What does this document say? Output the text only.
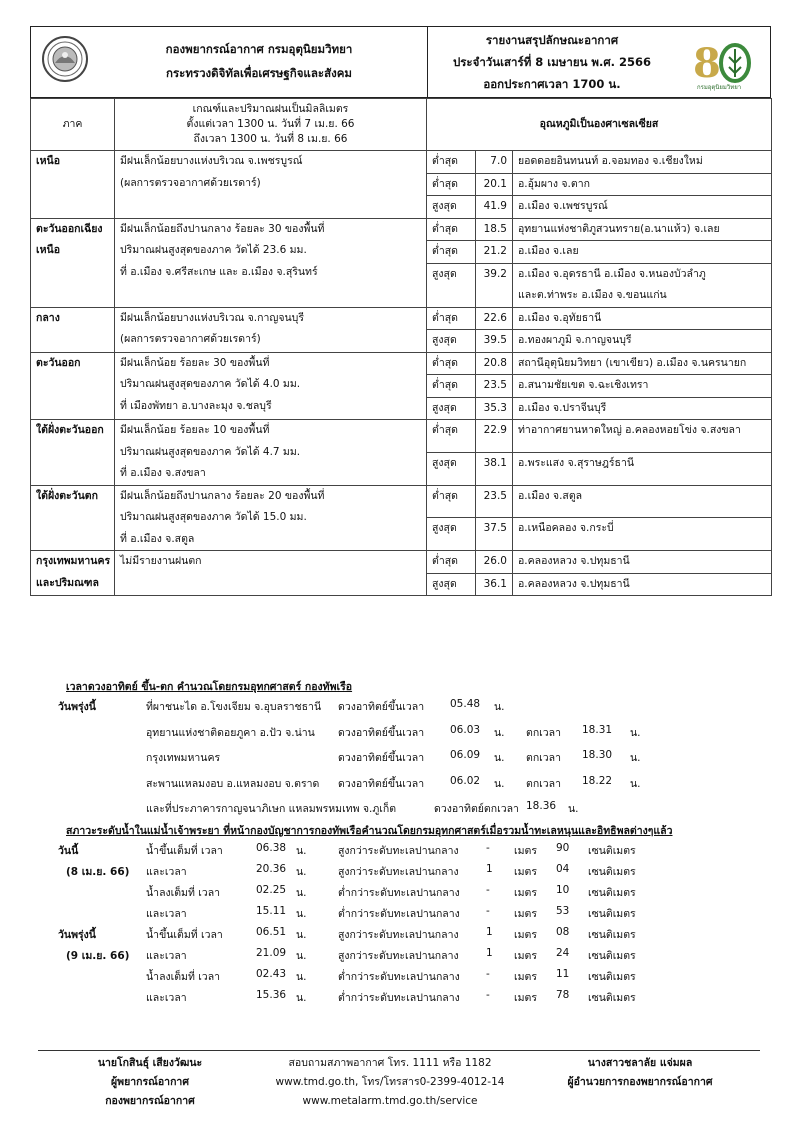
กองพยากรณ์อากาศ กรมอุตุนิยมวิทยา
กระทรวงดิจิทัลเพื่อเศรษฐกิจและสังคม
รายงานสรุปลักษณะอากาศ
ประจำวันเสาร์ที่ 8 เมษายน พ.ศ. 2566
ออกประกาศเวลา 1700 น.	8
กรมอุตุนิยมวิทยา
ภาค	เกณฑ์และปริมาณฝนเป็นมิลลิเมตร
ตั้งแต่เวลา 1300 น. วันที่ 7 เม.ย. 66
ถึงเวลา 1300 น. วันที่ 8 เม.ย. 66	อุณหภูมิเป็นองศาเซลเซียส		

เหนือ	มีฝนเล็กน้อยบางแห่งบริเวณ จ.เพชรบูรณ์
(ผลการตรวจอากาศด้วยเรดาร์)	ต่ำสุด	7.0	ยอดดอยอินทนนท์ อ.จอมทอง จ.เชียงใหม่

		ต่ำสุด	20.1	อ.อุ้มผาง จ.ตาก

		สูงสุด	41.9	อ.เมือง จ.เพชรบูรณ์

ตะวันออกเฉียงเหนือ	มีฝนเล็กน้อยถึงปานกลาง ร้อยละ 30 ของพื้นที่
ปริมาณฝนสูงสุดของภาค วัดได้ 23.6 มม.
ที่ อ.เมือง จ.ศรีสะเกษ และ อ.เมือง จ.สุรินทร์	ต่ำสุด	18.5	อุทยานแห่งชาติภูสวนทราย(อ.นาแห้ว) จ.เลย

		ต่ำสุด	21.2	อ.เมือง จ.เลย

		สูงสุด	39.2	อ.เมือง จ.อุดรธานี อ.เมือง จ.หนองบัวลำภู
และต.ท่าพระ อ.เมือง จ.ขอนแก่น

กลาง	มีฝนเล็กน้อยบางแห่งบริเวณ จ.กาญจนบุรี
(ผลการตรวจอากาศด้วยเรดาร์)	ต่ำสุด	22.6	อ.เมือง จ.อุทัยธานี

		สูงสุด	39.5	อ.ทองผาภูมิ จ.กาญจนบุรี

ตะวันออก	มีฝนเล็กน้อย ร้อยละ 30 ของพื้นที่
ปริมาณฝนสูงสุดของภาค วัดได้ 4.0 มม.
ที่ เมืองพัทยา อ.บางละมุง จ.ชลบุรี	ต่ำสุด	20.8	สถานีอุตุนิยมวิทยา (เขาเขียว) อ.เมือง จ.นครนายก

		ต่ำสุด	23.5	อ.สนามชัยเขต จ.ฉะเชิงเทรา

		สูงสุด	35.3	อ.เมือง จ.ปราจีนบุรี

ใต้ฝั่งตะวันออก	มีฝนเล็กน้อย ร้อยละ 10 ของพื้นที่
ปริมาณฝนสูงสุดของภาค วัดได้ 4.7 มม.
ที่ อ.เมือง จ.สงขลา	ต่ำสุด	22.9	ท่าอากาศยานหาดใหญ่ อ.คลองหอยโข่ง จ.สงขลา

		สูงสุด	38.1	อ.พระแสง จ.สุราษฎร์ธานี

ใต้ฝั่งตะวันตก	มีฝนเล็กน้อยถึงปานกลาง ร้อยละ 20 ของพื้นที่
ปริมาณฝนสูงสุดของภาค วัดได้ 15.0 มม.
ที่ อ.เมือง จ.สตูล	ต่ำสุด	23.5	อ.เมือง จ.สตูล

		สูงสุด	37.5	อ.เหนือคลอง จ.กระบี่

กรุงเทพมหานคร
และปริมณฑล	ไม่มีรายงานฝนตก	ต่ำสุด	26.0	อ.คลองหลวง จ.ปทุมธานี

		สูงสุด	36.1	อ.คลองหลวง จ.ปทุมธานี
เวลาดวงอาทิตย์ ขึ้น-ตก คำนวณโดยกรมอุทกศาสตร์ กองทัพเรือ
วันพรุ่งนี้	ที่ผาชนะได อ.โขงเจียม จ.อุบลราชธานี ดวงอาทิตย์ขึ้นเวลา 05.48 น.
อุทยานแห่งชาติดอยภูคา อ.ปัว จ.น่าน ดวงอาทิตย์ขึ้นเวลา 06.03 น. ตกเวลา 18.31 น.
กรุงเทพมหานคร	ดวงอาทิตย์ขึ้นเวลา 06.09 น. ตกเวลา 18.30 น.
สะพานแหลมงอบ อ.แหลมงอบ จ.ตราด ดวงอาทิตย์ขึ้นเวลา 06.02 น. ตกเวลา 18.22 น.
และที่ประภาคารกาญจนาภิเษก แหลมพรหมเทพ จ.ภูเก็ต	ดวงอาทิตย์ตกเวลา 18.36 น.
สภาวะระดับน้ำในแม่น้ำเจ้าพระยา ที่หน้ากองบัญชาการกองทัพเรือคำนวณโดยกรมอุทกศาสตร์เมื่อรวมน้ำทะเลหนุนและอิทธิพลต่างๆแล้ว
วันนี้
(8 เม.ย. 66)
น้ำขึ้นเต็มที่ เวลา	06.38 น.	สูงกว่าระดับทะเลปานกลาง	- เมตร 90 เซนติเมตร
และเวลา	20.36 น.	สูงกว่าระดับทะเลปานกลาง	1 เมตร 04 เซนติเมตร
น้ำลงเต็มที่ เวลา	02.25 น.	ต่ำกว่าระดับทะเลปานกลาง - เมตร 10 เซนติเมตร
และเวลา	15.11 น.	ต่ำกว่าระดับทะเลปานกลาง - เมตร 53 เซนติเมตร
วันพรุ่งนี้
(9 เม.ย. 66)
น้ำขึ้นเต็มที่ เวลา	06.51 น.	สูงกว่าระดับทะเลปานกลาง	1 เมตร 08 เซนติเมตร
และเวลา	21.09 น.	สูงกว่าระดับทะเลปานกลาง	1 เมตร 24 เซนติเมตร
น้ำลงเต็มที่ เวลา	02.43 น.	ต่ำกว่าระดับทะเลปานกลาง - เมตร 11 เซนติเมตร
และเวลา	15.36 น.	ต่ำกว่าระดับทะเลปานกลาง - เมตร 78 เซนติเมตร
นายโกสินธุ์ เสียงวัฒนะ
ผู้พยากรณ์อากาศ
กองพยากรณ์อากาศ
สอบถามสภาพอากาศ โทร. 1111 หรือ 1182
www.tmd.go.th, โทร/โทรสาร0-2399-4012-14
www.metalarm.tmd.go.th/service
นางสาวชลาลัย แจ่มผล
ผู้อำนวยการกองพยากรณ์อากาศ
